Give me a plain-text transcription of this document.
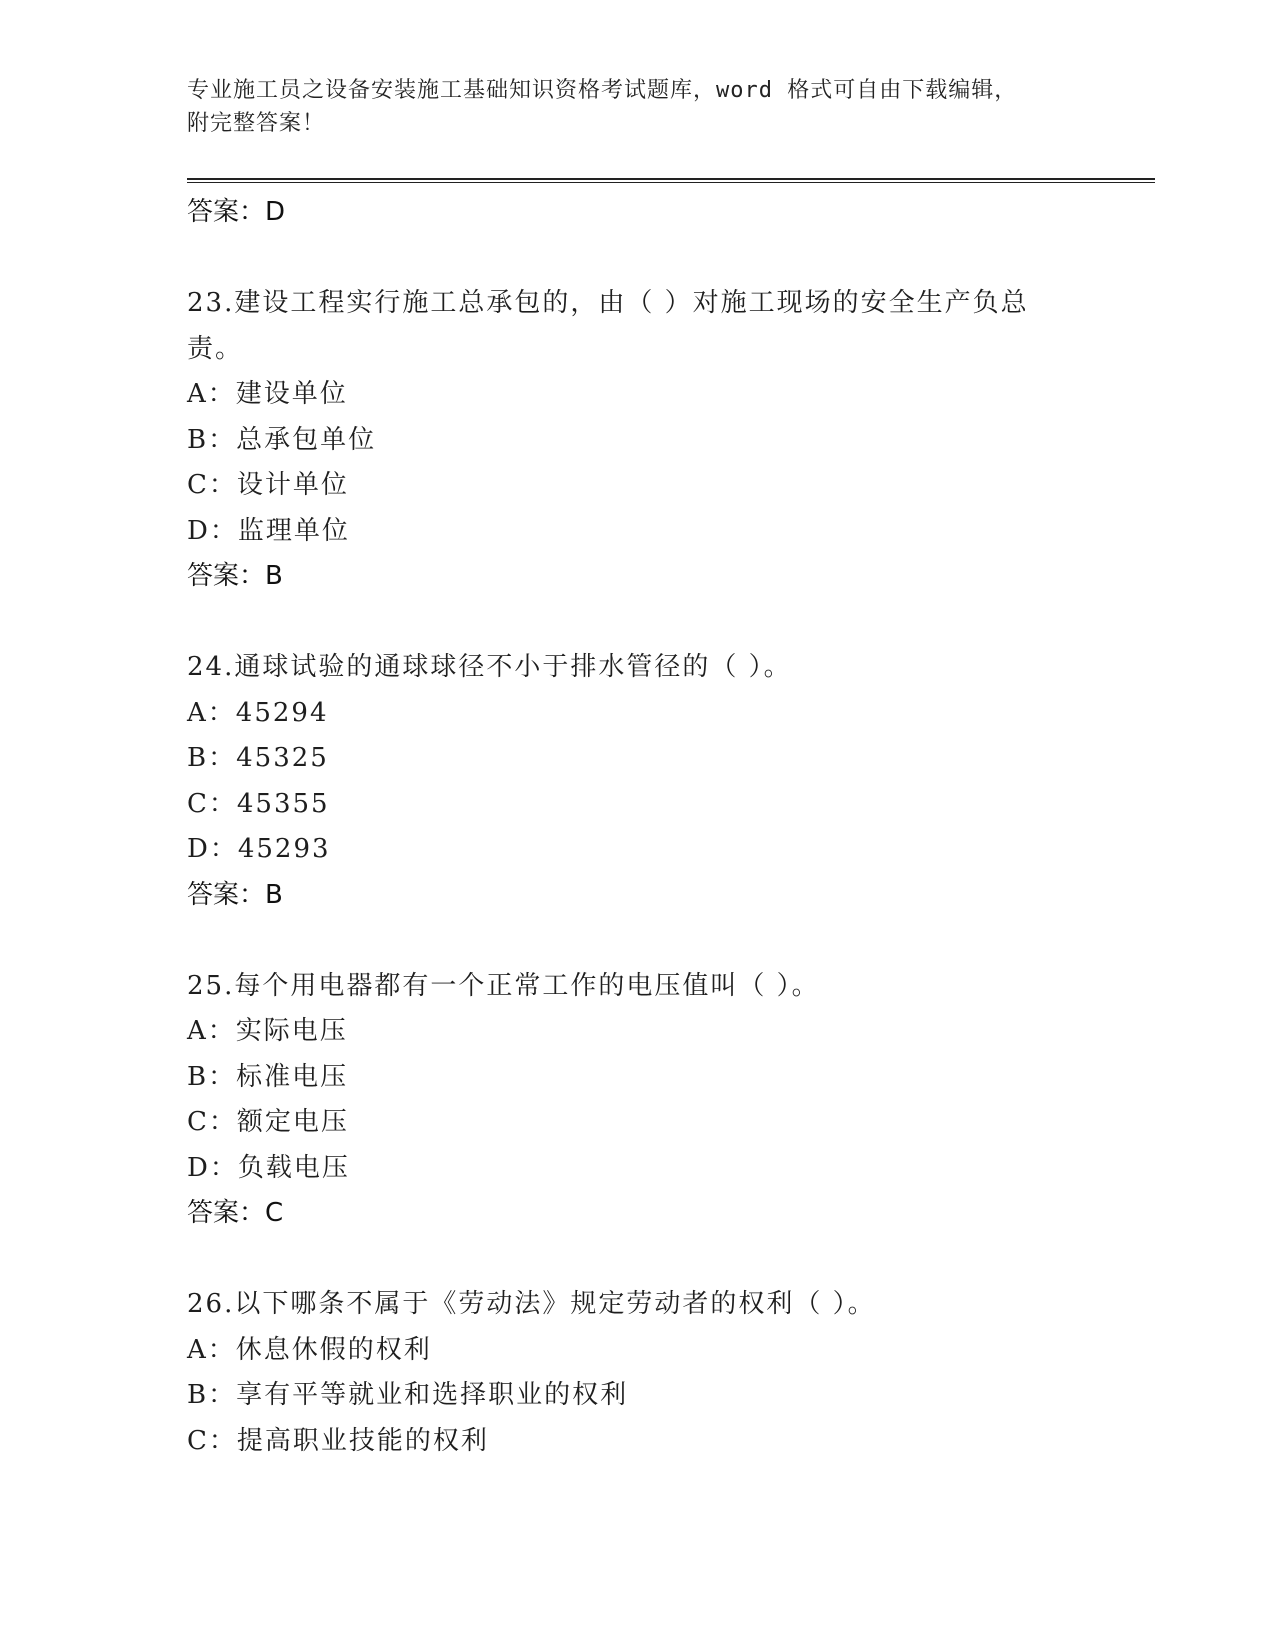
专业施工员之设备安装施工基础知识资格考试题库，word 格式可自由下载编辑，
附完整答案！
答案：D
23.建设工程实行施工总承包的，由（ ）对施工现场的安全生产负总
责。
A：建设单位
B：总承包单位
C：设计单位
D：监理单位
答案：B
24.通球试验的通球球径不小于排水管径的（ ）。
A：45294
B：45325
C：45355
D：45293
答案：B
25.每个用电器都有一个正常工作的电压值叫（ ）。
A：实际电压
B：标准电压
C：额定电压
D：负载电压
答案：C
26.以下哪条不属于《劳动法》规定劳动者的权利（ ）。
A：休息休假的权利
B：享有平等就业和选择职业的权利
C：提高职业技能的权利
